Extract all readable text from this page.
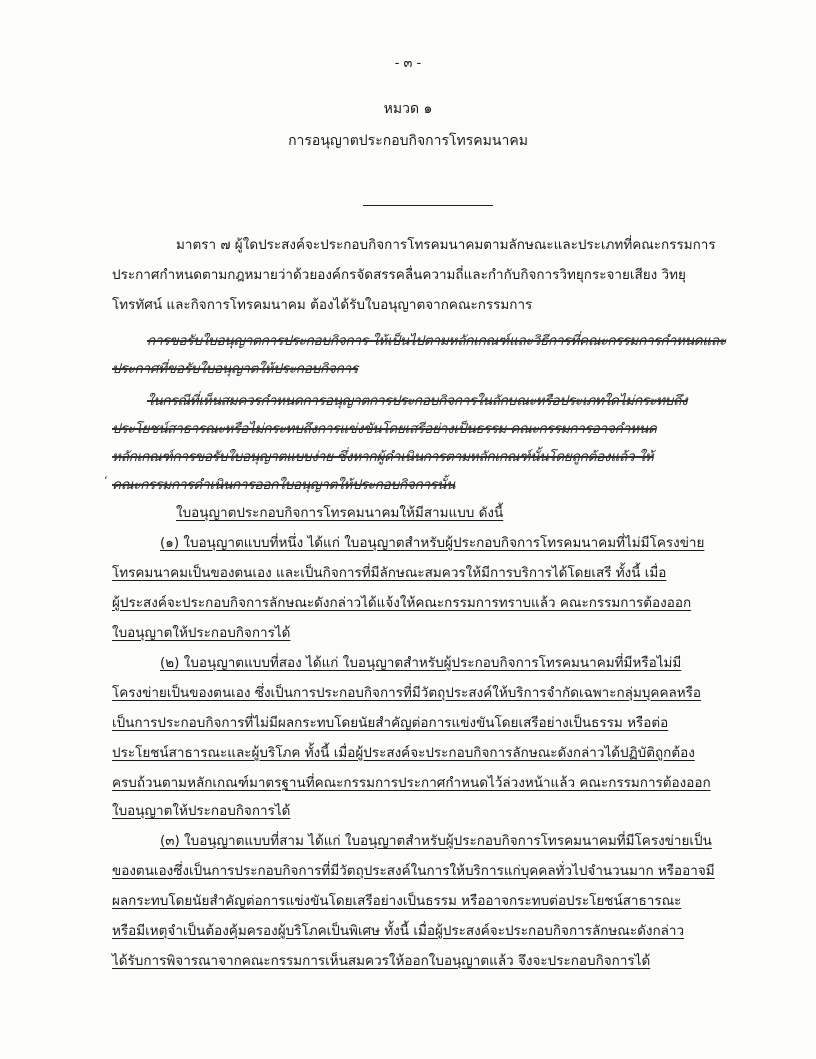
- ๓ -
หมวด ๑
การอนุญาตประกอบกิจการโทรคมนาคม
มาตรา ๗ ผู้ใดประสงค์จะประกอบกิจการโทรคมนาคมตามลักษณะและประเภทที่คณะกรรมการ
ประกาศกำหนดตามกฎหมายว่าด้วยองค์กรจัดสรรคลื่นความถี่และกำกับกิจการวิทยุกระจายเสียง วิทยุ
โทรทัศน์ และกิจการโทรคมนาคม ต้องได้รับใบอนุญาตจากคณะกรรมการ
การขอรับใบอนุญาตการประกอบกิจการ ให้เป็นไปตามหลักเกณฑ์และวิธีการที่คณะกรรมการกำหนดและ
ประกาศที่ขอรับใบอนุญาตให้ประกอบกิจการ
ในกรณีที่เห็นสมควรกำหนดการอนุญาตการประกอบกิจการในลักษณะหรือประเภทใดไม่กระทบถึง
ประโยชน์สาธารณะหรือไม่กระทบถึงการแข่งขันโดยเสรีอย่างเป็นธรรม คณะกรรมการอาจกำหนด
หลักเกณฑ์การขอรับใบอนุญาตแบบง่าย ซึ่งหากผู้ดำเนินการตามหลักเกณฑ์นั้นโดยถูกต้องแล้ว ให้
‘ คณะกรรมการดำเนินการออกใบอนุญาตให้ประกอบกิจการนั้น
ใบอนุญาตประกอบกิจการโทรคมนาคมให้มีสามแบบ ดังนี้
(๑) ใบอนุญาตแบบที่หนึ่ง ได้แก่ ใบอนุญาตสำหรับผู้ประกอบกิจการโทรคมนาคมที่ไม่มีโครงข่าย
โทรคมนาคมเป็นของตนเอง และเป็นกิจการที่มีลักษณะสมควรให้มีการบริการได้โดยเสรี ทั้งนี้ เมื่อ
ผู้ประสงค์จะประกอบกิจการลักษณะดังกล่าวได้แจ้งให้คณะกรรมการทราบแล้ว คณะกรรมการต้องออก
ใบอนุญาตให้ประกอบกิจการได้
(๒) ใบอนุญาตแบบที่สอง ได้แก่ ใบอนุญาตสำหรับผู้ประกอบกิจการโทรคมนาคมที่มีหรือไม่มี
โครงข่ายเป็นของตนเอง ซึ่งเป็นการประกอบกิจการที่มีวัตถุประสงค์ให้บริการจำกัดเฉพาะกลุ่มบุคคลหรือ
เป็นการประกอบกิจการที่ไม่มีผลกระทบโดยนัยสำคัญต่อการแข่งขันโดยเสรีอย่างเป็นธรรม หรือต่อ
ประโยชน์สาธารณะและผู้บริโภค ทั้งนี้ เมื่อผู้ประสงค์จะประกอบกิจการลักษณะดังกล่าวได้ปฏิบัติถูกต้อง
ครบถ้วนตามหลักเกณฑ์มาตรฐานที่คณะกรรมการประกาศกำหนดไว้ล่วงหน้าแล้ว คณะกรรมการต้องออก
ใบอนุญาตให้ประกอบกิจการได้
(๓) ใบอนุญาตแบบที่สาม ได้แก่ ใบอนุญาตสำหรับผู้ประกอบกิจการโทรคมนาคมที่มีโครงข่ายเป็น
ของตนเองซึ่งเป็นการประกอบกิจการที่มีวัตถุประสงค์ในการให้บริการแก่บุคคลทั่วไปจำนวนมาก หรืออาจมี
ผลกระทบโดยนัยสำคัญต่อการแข่งขันโดยเสรีอย่างเป็นธรรม หรืออาจกระทบต่อประโยชน์สาธารณะ
หรือมีเหตุจำเป็นต้องคุ้มครองผู้บริโภคเป็นพิเศษ ทั้งนี้ เมื่อผู้ประสงค์จะประกอบกิจการลักษณะดังกล่าว
ได้รับการพิจารณาจากคณะกรรมการเห็นสมควรให้ออกใบอนุญาตแล้ว จึงจะประกอบกิจการได้
